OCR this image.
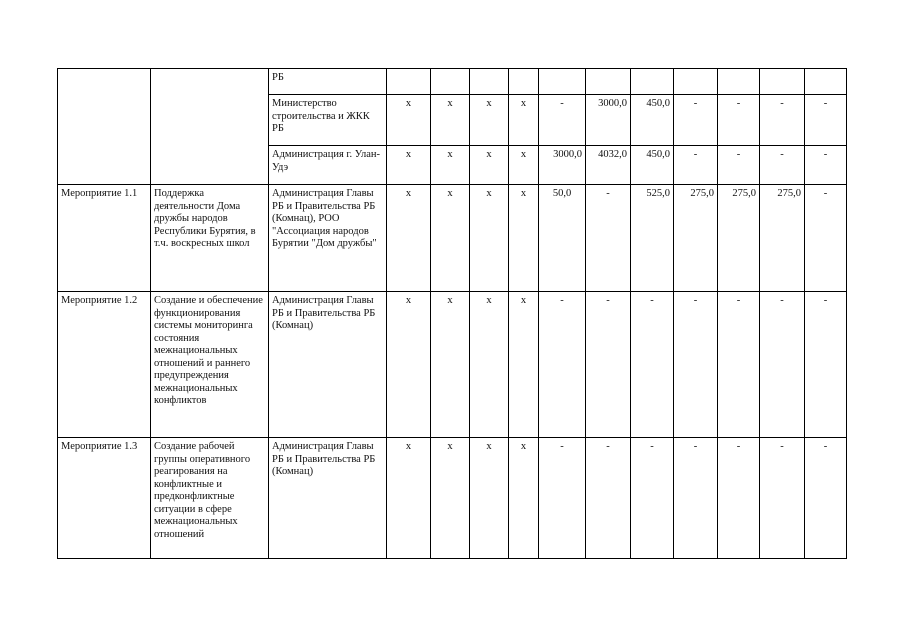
		РБ											
		Министерство строительства и ЖКК РБ	x	x	x	x	-	3000,0	450,0	-	-	-	-
		Администрация г. Улан-Удэ	x	x	x	x	3000,0	4032,0	450,0	-	-	-	-
Мероприятие 1.1	Поддержка деятельности Дома дружбы народов Республики Бурятия, в т.ч. воскресных школ	Администрация Главы РБ и Правительства РБ (Комнац), РОО "Ассоциация народов Бурятии "Дом дружбы"	x	x	x	x	50,0	-	525,0	275,0	275,0	275,0	-
Мероприятие 1.2	Создание и обеспечение функционирования системы мониторинга состояния межнациональных отношений и раннего предупреждения межнациональных конфликтов	Администрация Главы РБ и Правительства РБ (Комнац)	x	x	x	x	-	-	-	-	-	-	-
Мероприятие 1.3	Создание рабочей группы оперативного реагирования на конфликтные и предконфликтные ситуации в сфере межнациональных отношений	Администрация Главы РБ и Правительства РБ (Комнац)	x	x	x	x	-	-	-	-	-	-	-
